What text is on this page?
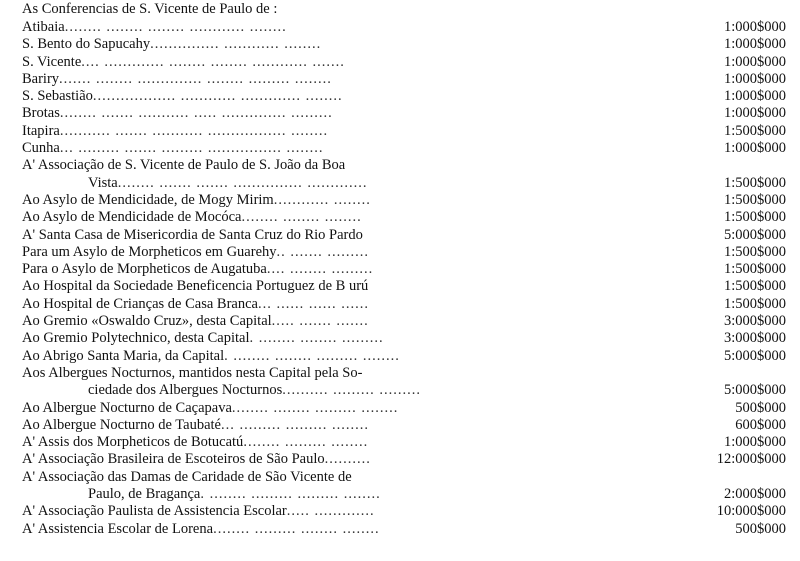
As Conferencias de S. Vicente de Paulo de :
Atibaia ........ ........ ........ ............ ........	1:000$000
S. Bento do Sapucahy ............... ............ ........	1:000$000
S. Vicente .... ............. ........ ........ ............ .......	1:000$000
Bariry ....... ........ .............. ........ ......... ........	1:000$000
S. Sebastião .................. ............ ............. ........	1:000$000
Brotas ........ ....... ........... ..... .............. .........	1:000$000
Itapira ........... ....... ........... ................. ........	1:500$000
Cunha ... ......... ....... ......... ................ ........	1:000$000
A' Associação de S. Vicente de Paulo de S. João da Boa
Vista ........ ....... ....... ............... .............	1:500$000
Ao Asylo de Mendicidade, de Mogy Mirim ............ ........	1:500$000
Ao Asylo de Mendicidade de Mocóca ........ ........ ........	1:500$000
A' Santa Casa de Misericordia de Santa Cruz do Rio Pardo	5:000$000
Para um Asylo de Morpheticos em Guarehy .. ....... .........	1:500$000
Para o Asylo de Morpheticos de Augatuba .... ........ .........	1:500$000
Ao Hospital da Sociedade Beneficencia Portuguez de B urú	1:500$000
Ao Hospital de Crianças de Casa Branca ... ...... ...... ......	1:500$000
Ao Gremio «Oswaldo Cruz», desta Capital ..... ....... .......	3:000$000
Ao Gremio Polytechnico, desta Capital . ........ ........ .........	3:000$000
Ao Abrigo Santa Maria, da Capital . ........ ........ ......... ........	5:000$000
Aos Albergues Nocturnos, mantidos nesta Capital pela So-
ciedade dos Albergues Nocturnos .......... ......... .........	5:000$000
Ao Albergue Nocturno de Caçapava ........ ........ ......... ........	500$000
Ao Albergue Nocturno de Taubaté ... ......... ......... ........	600$000
A' Assis dos Morpheticos de Botucatú ........ ......... ........	1:000$000
A' Associação Brasileira de Escoteiros de São Paulo ..........	12:000$000
A' Associação das Damas de Caridade de São Vicente de
Paulo, de Bragança . ........ ......... ......... ........	2:000$000
A' Associação Paulista de Assistencia Escolar ..... .............	10:000$000
A' Assistencia Escolar de Lorena ........ ......... ........ ........	500$000
